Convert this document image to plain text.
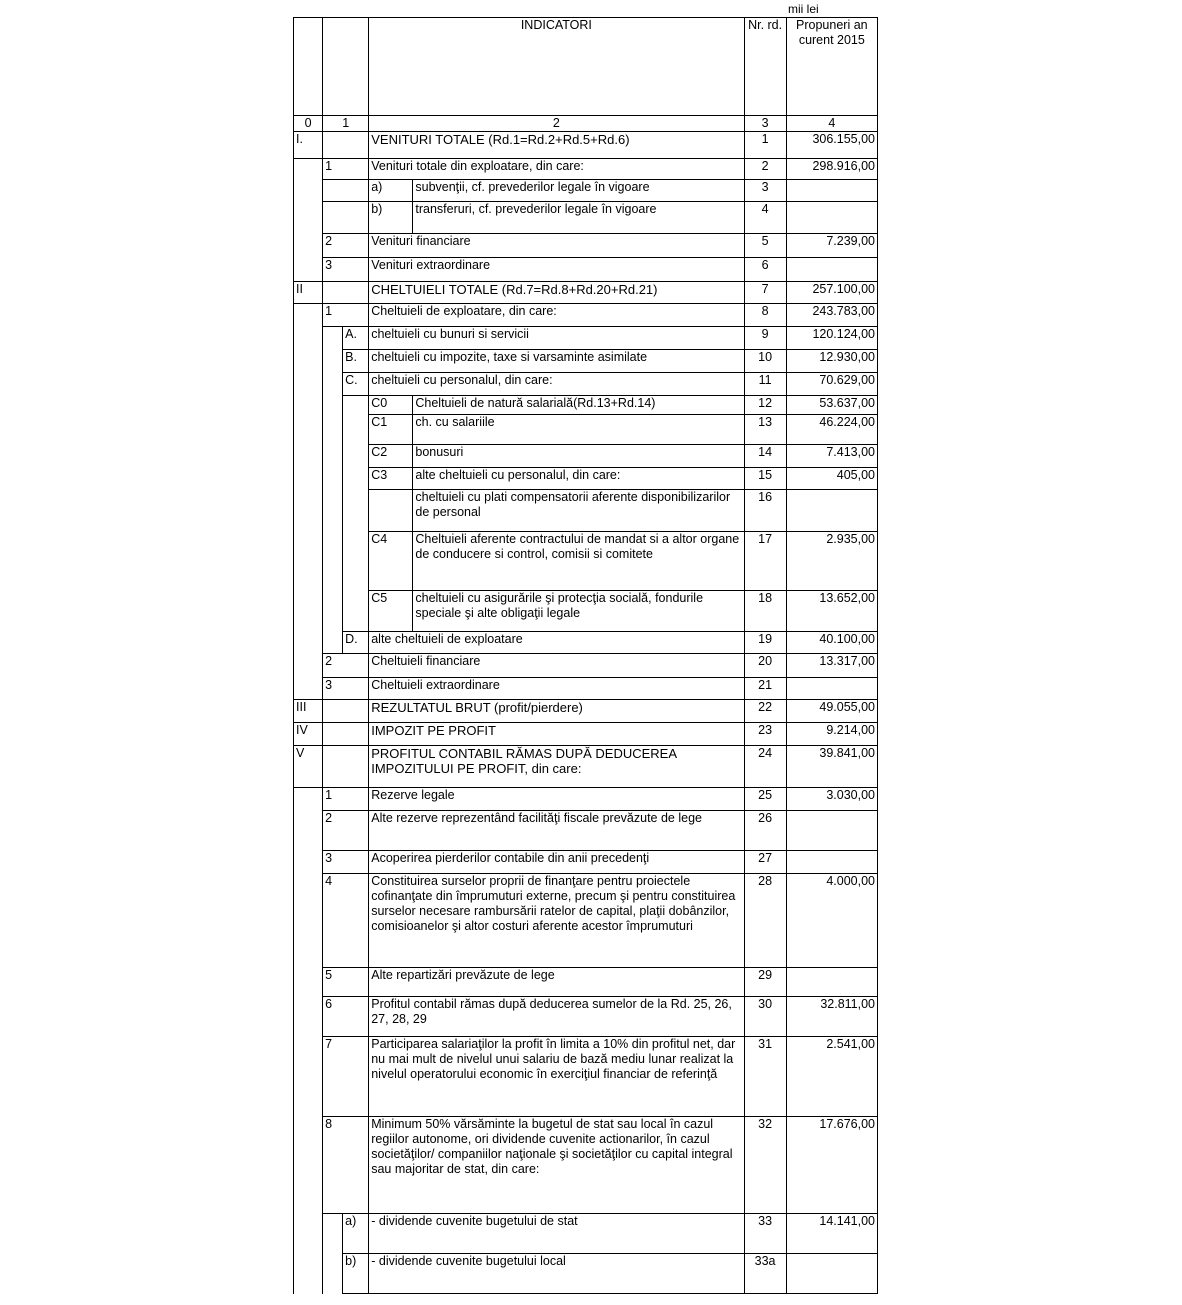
mii lei
			INDICATORI		Nr. rd.	Propuneri an curent 2015
0	1		2		3	4
I.			VENITURI TOTALE (Rd.1=Rd.2+Rd.5+Rd.6)		1	306.155,00
	1		Venituri totale din exploatare, din care:		2	298.916,00
			a)	subvenţii, cf. prevederilor legale în vigoare	3	
			b)	transferuri, cf. prevederilor legale în vigoare	4	
	2		Venituri financiare		5	7.239,00
	3		Venituri extraordinare		6	
II			CHELTUIELI TOTALE (Rd.7=Rd.8+Rd.20+Rd.21)		7	257.100,00
	1		Cheltuieli de exploatare, din care:		8	243.783,00
		A.	cheltuieli cu bunuri si servicii		9	120.124,00
		B.	cheltuieli cu impozite, taxe si varsaminte asimilate		10	12.930,00
		C.	cheltuieli cu personalul, din care:		11	70.629,00
			C0	Cheltuieli de natură salarială(Rd.13+Rd.14)	12	53.637,00
			C1	ch. cu salariile	13	46.224,00
			C2	bonusuri	14	7.413,00
			C3	alte cheltuieli cu personalul, din care:	15	405,00
				cheltuieli cu plati compensatorii aferente disponibilizarilor de personal	16	
			C4	Cheltuieli aferente contractului de mandat si a altor organe de conducere si control, comisii si comitete	17	2.935,00
			C5	cheltuieli cu asigurările şi protecţia socială, fondurile speciale şi alte obligaţii legale	18	13.652,00
		D.	alte cheltuieli de exploatare		19	40.100,00
	2		Cheltuieli financiare		20	13.317,00
	3		Cheltuieli extraordinare		21	
III			REZULTATUL BRUT (profit/pierdere)		22	49.055,00
IV			IMPOZIT PE PROFIT		23	9.214,00
V			PROFITUL CONTABIL RĂMAS DUPĂ DEDUCEREA IMPOZITULUI PE PROFIT, din care:		24	39.841,00
	1		Rezerve legale		25	3.030,00
	2		Alte rezerve reprezentând facilităţi fiscale prevăzute de lege		26	
	3		Acoperirea pierderilor contabile din anii precedenţi		27	
	4		Constituirea surselor proprii de finanţare pentru proiectele cofinanţate din împrumuturi externe, precum şi pentru constituirea surselor necesare rambursării ratelor de capital, plaţii dobânzilor, comisioanelor şi altor costuri aferente acestor împrumuturi		28	4.000,00
	5		Alte repartizări prevăzute de lege		29	
	6		Profitul contabil rămas după deducerea sumelor de la Rd. 25, 26, 27, 28, 29		30	32.811,00
	7		Participarea salariaţilor la profit în limita a 10% din profitul net, dar nu mai mult de nivelul unui salariu de bază mediu lunar realizat la nivelul operatorului economic în exerciţiul financiar de referinţă		31	2.541,00
	8		Minimum 50% vărsăminte la bugetul de stat sau local în cazul regiilor autonome, ori dividende cuvenite actionarilor, în cazul societăţilor/ companiilor naţionale şi societăţilor cu capital integral sau majoritar de stat, din care:		32	17.676,00
		a)	- dividende cuvenite bugetului de stat		33	14.141,00
		b)	- dividende cuvenite bugetului local		33a	
